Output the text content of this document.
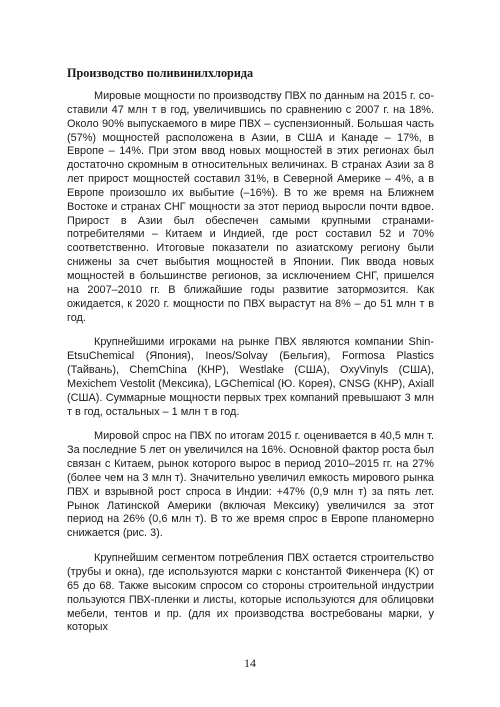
Производство поливинилхлорида

Мировые мощности по производству ПВХ по данным на 2015 г. составили 47 млн т в год, увеличившись по сравнению с 2007 г. на 18%. Около 90% выпускаемого в мире ПВХ – суспензионный. Большая часть (57%) мощностей расположена в Азии, в США и Канаде – 17%, в Европе – 14%. При этом ввод новых мощностей в этих регионах был достаточно скромным в относительных величинах. В странах Азии за 8 лет прирост мощностей составил 31%, в Северной Америке – 4%, а в Европе произошло их выбытие (–16%). В то же время на Ближнем Востоке и странах СНГ мощности за этот период выросли почти вдвое. Прирост в Азии был обеспечен самыми крупными странами-потребителями – Китаем и Индией, где рост составил 52 и 70% соответственно. Итоговые показатели по азиатскому региону были снижены за счет выбытия мощностей в Японии. Пик ввода новых мощностей в большинстве регионов, за исключением СНГ, пришелся на 2007–2010 гг. В ближайшие годы развитие затормозится. Как ожидается, к 2020 г. мощности по ПВХ вырастут на 8% – до 51 млн т в год.

Крупнейшими игроками на рынке ПВХ являются компании Shin-EtsuChemical (Япония), Ineos/Solvay (Бельгия), Formosa Plastics (Тайвань), ChemChina (КНР), Westlake (США), OxyVinyls (США), Mexichem Vestolit (Мексика), LGChemical (Ю. Корея), CNSG (КНР), Axiall (США). Суммарные мощности первых трех компаний превышают 3 млн т в год, остальных – 1 млн т в год.

Мировой спрос на ПВХ по итогам 2015 г. оценивается в 40,5 млн т. За последние 5 лет он увеличился на 16%. Основной фактор роста был связан с Китаем, рынок которого вырос в период 2010–2015 гг. на 27% (более чем на 3 млн т). Значительно увеличил емкость мирового рынка ПВХ и взрывной рост спроса в Индии: +47% (0,9 млн т) за пять лет. Рынок Латинской Америки (включая Мексику) увеличился за этот период на 26% (0,6 млн т). В то же время спрос в Европе планомерно снижается (рис. 3).

Крупнейшим сегментом потребления ПВХ остается строительство (трубы и окна), где используются марки с константой Фикенчера (K) от 65 до 68. Также высоким спросом со стороны строительной индустрии пользуются ПВХ-пленки и листы, которые используются для облицовки мебели, тентов и пр. (для их производства востребованы марки, у которых

14
